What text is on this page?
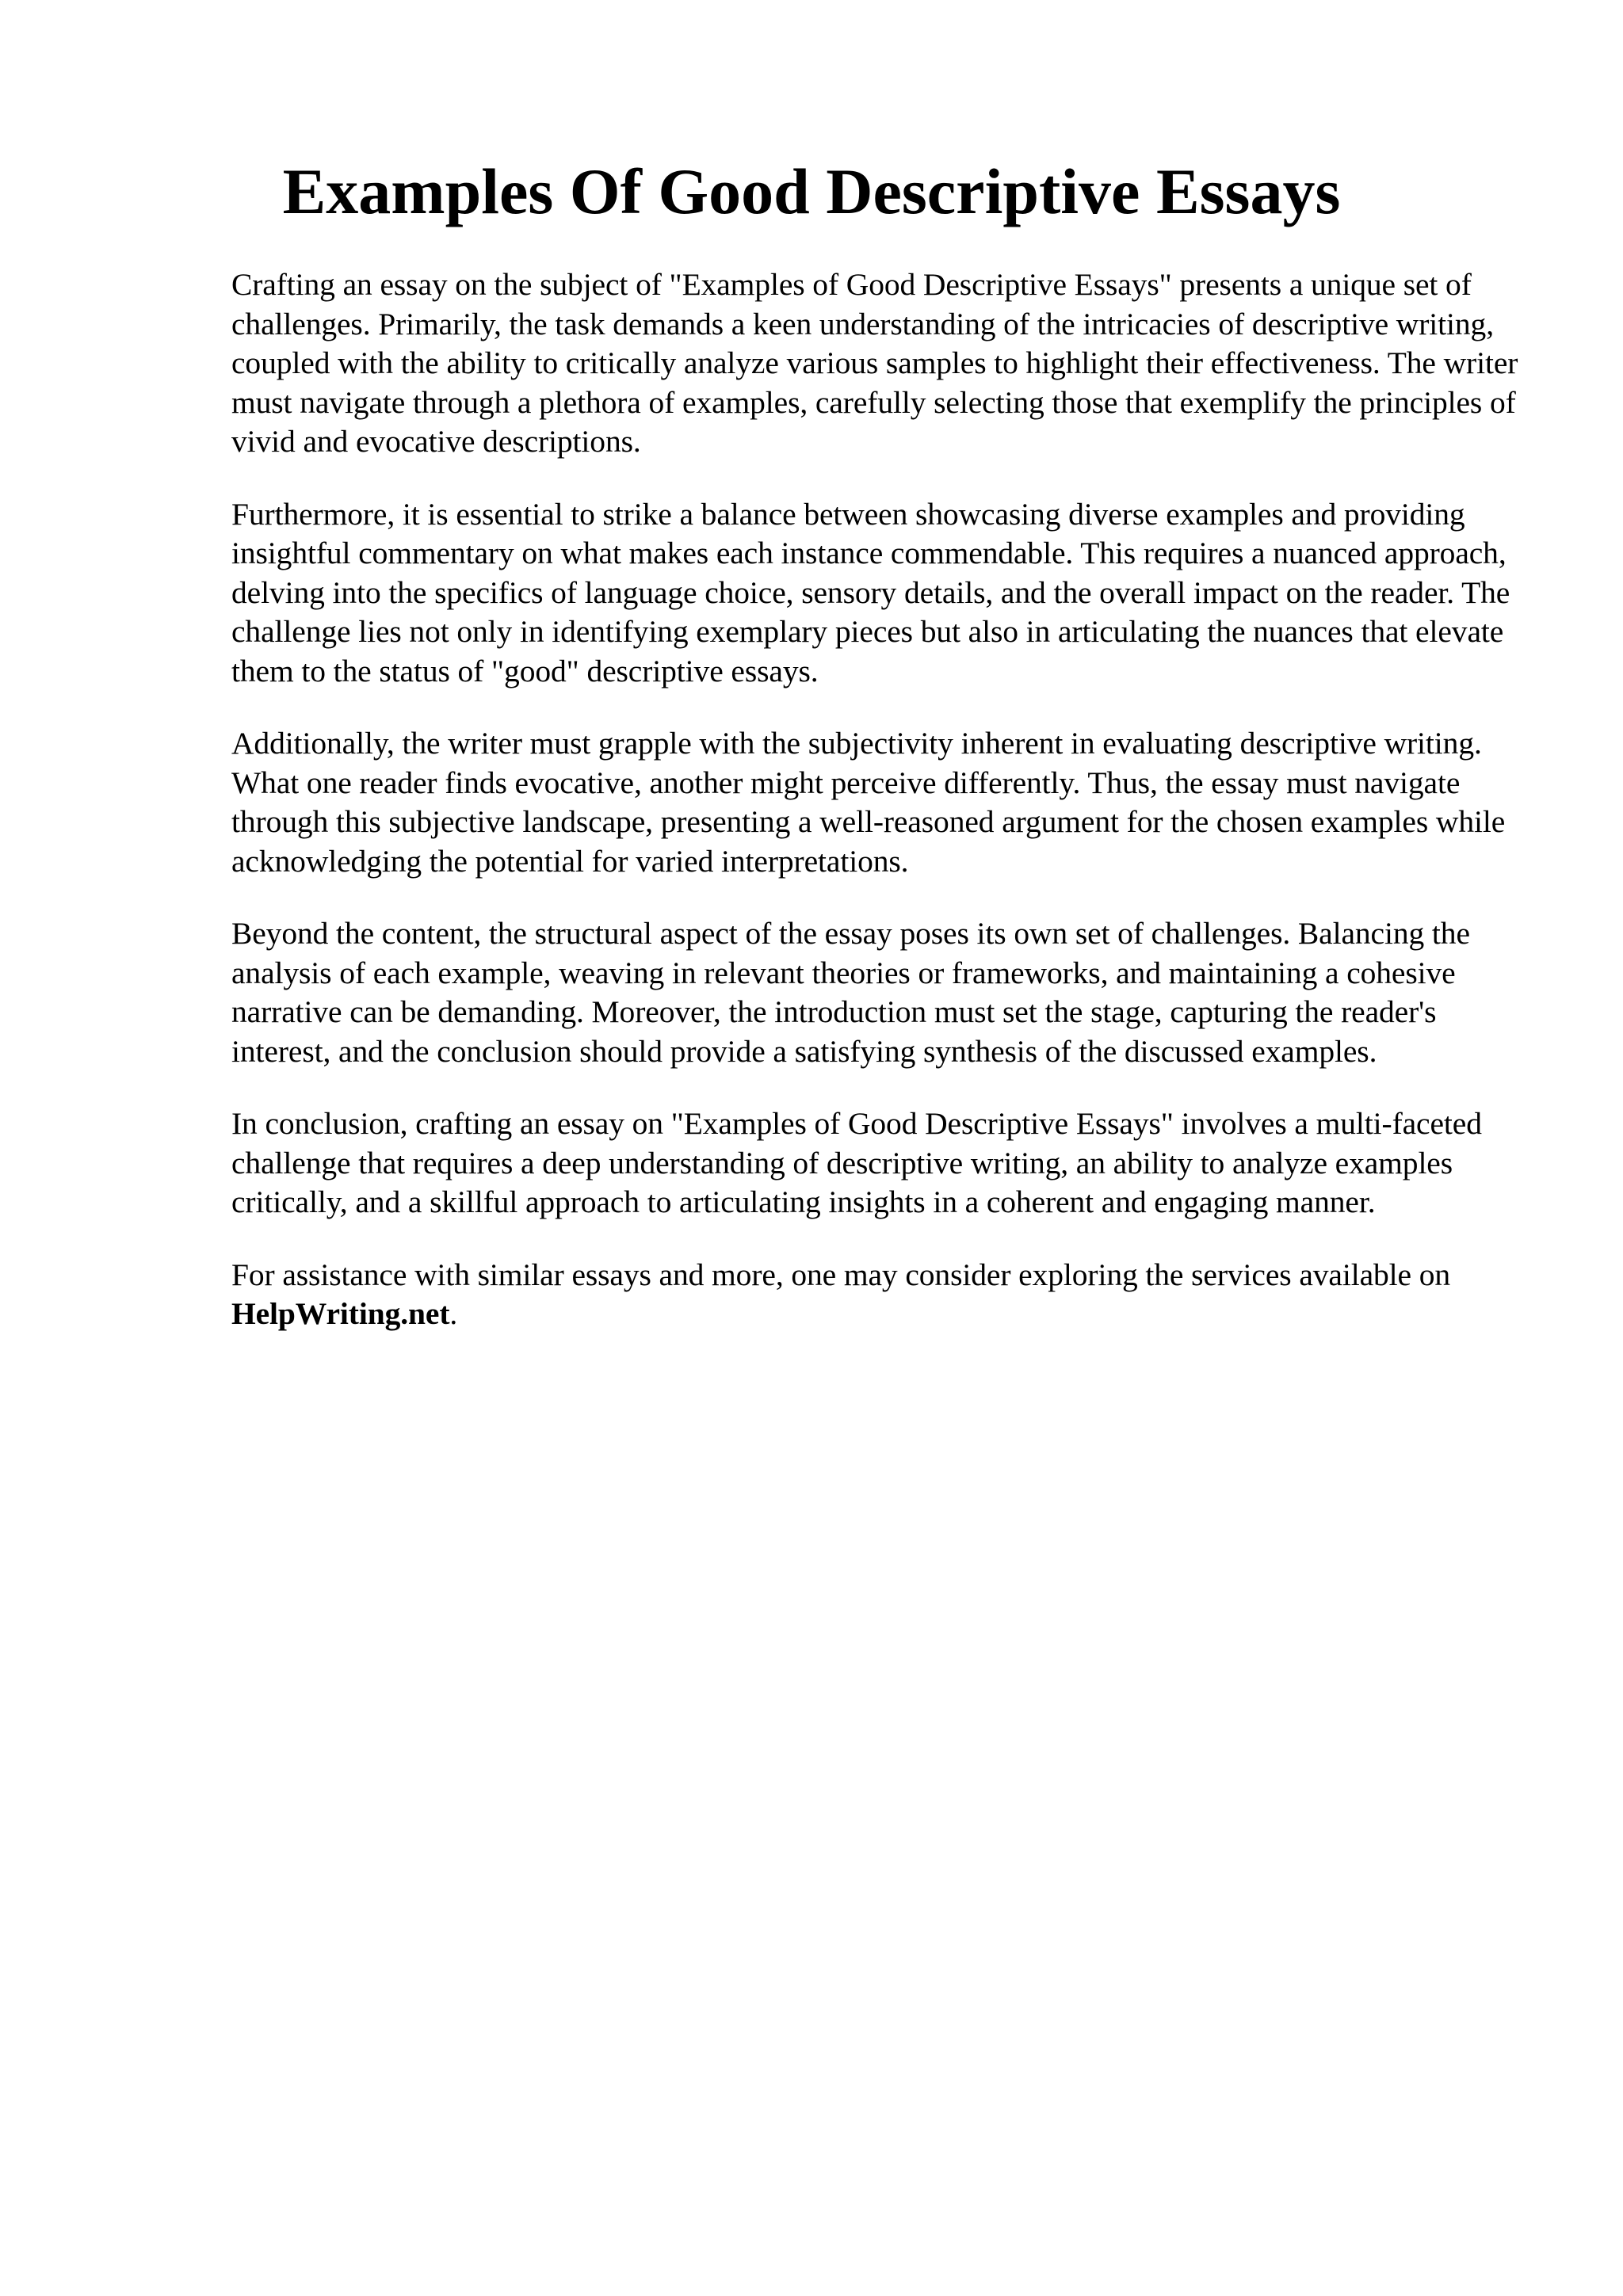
Examples Of Good Descriptive Essays

Crafting an essay on the subject of "Examples of Good Descriptive Essays" presents a unique set of challenges. Primarily, the task demands a keen understanding of the intricacies of descriptive writing, coupled with the ability to critically analyze various samples to highlight their effectiveness. The writer must navigate through a plethora of examples, carefully selecting those that exemplify the principles of vivid and evocative descriptions.

Furthermore, it is essential to strike a balance between showcasing diverse examples and providing insightful commentary on what makes each instance commendable. This requires a nuanced approach, delving into the specifics of language choice, sensory details, and the overall impact on the reader. The challenge lies not only in identifying exemplary pieces but also in articulating the nuances that elevate them to the status of "good" descriptive essays.

Additionally, the writer must grapple with the subjectivity inherent in evaluating descriptive writing. What one reader finds evocative, another might perceive differently. Thus, the essay must navigate through this subjective landscape, presenting a well-reasoned argument for the chosen examples while acknowledging the potential for varied interpretations.

Beyond the content, the structural aspect of the essay poses its own set of challenges. Balancing the analysis of each example, weaving in relevant theories or frameworks, and maintaining a cohesive narrative can be demanding. Moreover, the introduction must set the stage, capturing the reader's interest, and the conclusion should provide a satisfying synthesis of the discussed examples.

In conclusion, crafting an essay on "Examples of Good Descriptive Essays" involves a multi-faceted challenge that requires a deep understanding of descriptive writing, an ability to analyze examples critically, and a skillful approach to articulating insights in a coherent and engaging manner.

For assistance with similar essays and more, one may consider exploring the services available on HelpWriting.net.
